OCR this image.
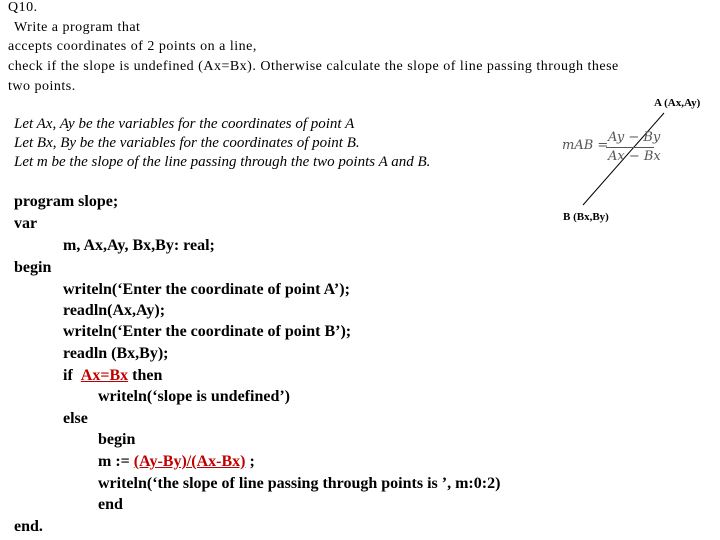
Q10.
Write a program that
accepts coordinates of 2 points on a line,
check if the slope is undefined (Ax=Bx). Otherwise calculate the slope of line passing through these
two points.
Let Ax, Ay be the variables for the coordinates of point A
Let Bx, By be the variables for the coordinates of point B.
Let m be the slope of the line passing through the two points A and B.
A (Ax,Ay)
mAB =
Ay − By
Ax − Bx
B (Bx,By)
program slope;
var
m, Ax,Ay, Bx,By: real;
begin
writeln(‘Enter the coordinate of point A’);
readln(Ax,Ay);
writeln(‘Enter the coordinate of point B’);
readln (Bx,By);
if Ax=Bx then
writeln(‘slope is undefined’)
else
begin
m := (Ay-By)/(Ax-Bx) ;
writeln(‘the slope of line passing through points is ’, m:0:2)
end
end.
